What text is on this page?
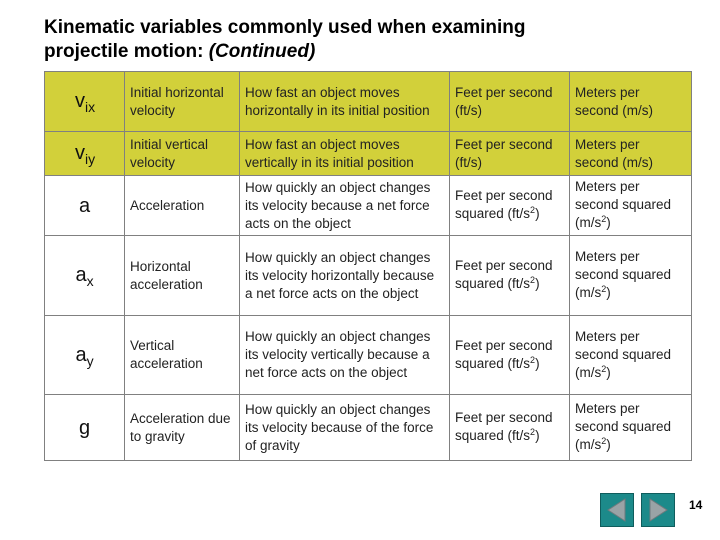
Kinematic variables commonly used when examining projectile motion: (Continued)
$v_{ix}$	Initial horizontal velocity	How fast an object moves horizontally in its initial position	Feet per second (ft/s)	Meters per second (m/s)
$v_{iy}$	Initial vertical velocity	How fast an object moves vertically in its initial position	Feet per second (ft/s)	Meters per second (m/s)
a	Acceleration	How quickly an object changes its velocity because a net force acts on the object	Feet per second squared $(ft/s^2)$	Meters per second squared $(m/s^2)$
$a_x$	Horizontal acceleration	How quickly an object changes its velocity horizontally because a net force acts on the object	Feet per second squared $(ft/s^2)$	Meters per second squared $(m/s^2)$
$a_y$	Vertical acceleration	How quickly an object changes its velocity vertically because a net force acts on the object	Feet per second squared $(ft/s^2)$	Meters per second squared $(m/s^2)$
g	Acceleration due to gravity	How quickly an object changes its velocity because of the force of gravity	Feet per second squared $(ft/s^2)$	Meters per second squared $(m/s^2)$
14
